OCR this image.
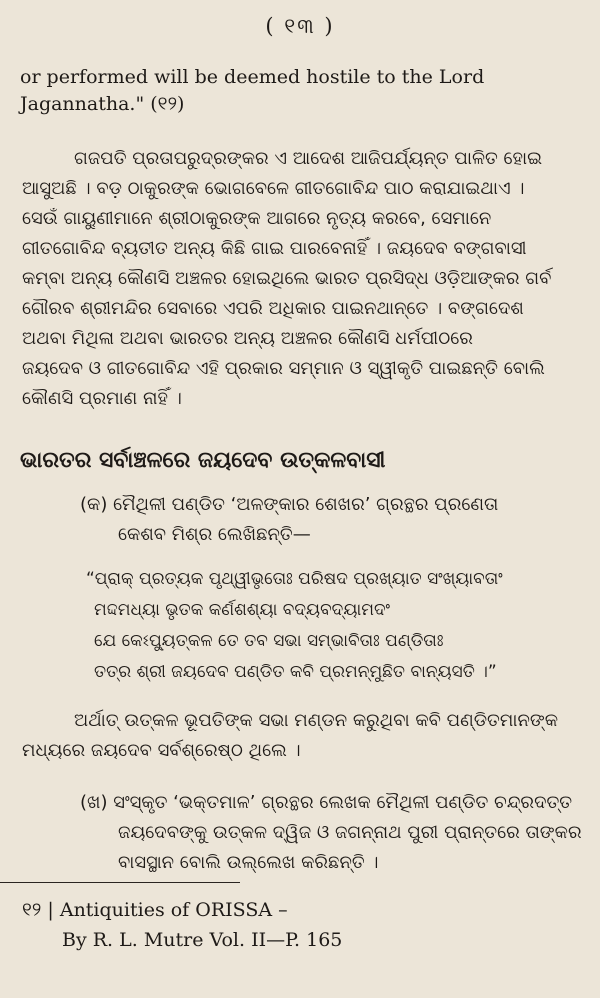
( ୧୩ )
or performed will be deemed hostile to the Lord
Jagannatha." (୧୨)
ଗଜପତି ପ୍ରତାପରୁଦ୍ରଙ୍କର ଏ ଆଦେଶ ଆଜିପର୍ଯ୍ୟନ୍ତ ପାଳିତ ହୋଇ
ଆସୁଅଛି । ବଡ଼ ଠାକୁରଙ୍କ ଭୋଗବେଳେ ଗୀତଗୋବିନ୍ଦ ପାଠ କରାଯାଇଥାଏ ।
ସେଉଁ ଗାୟୁଣୀମାନେ ଶ୍ରୀଠାକୁରଙ୍କ ଆଗରେ ନୃତ୍ୟ କରବେ, ସେମାନେ
ଗୀତଗୋବିନ୍ଦ ବ୍ୟତୀତ ଅନ୍ୟ କିଛି ଗାଇ ପାରବେନାହିଁ । ଜୟଦେବ ବଙ୍ଗବାସୀ
କମ୍ବା ଅନ୍ୟ କୌଣସି ଅଞ୍ଚଳର ହୋଇଥିଲେ ଭାରତ ପ୍ରସିଦ୍ଧ ଓଡ଼ିଆଙ୍କର ଗର୍ବ
ଗୌରବ ଶ୍ରୀମନ୍ଦିର ସେବାରେ ଏପରି ଅଧିକାର ପାଇନଥାନ୍ତେ । ବଙ୍ଗଦେଶ
ଅଥବା ମିଥିଳା ଅଥବା ଭାରତର ଅନ୍ୟ ଅଞ୍ଚଳର କୌଣସି ଧର୍ମପୀଠରେ
ଜୟଦେବ ଓ ଗୀତଗୋବିନ୍ଦ ଏହି ପ୍ରକାର ସମ୍ମାନ ଓ ସ୍ୱୀକୃତି ପାଇଛନ୍ତି ବୋଲି
କୌଣସି ପ୍ରମାଣ ନାହିଁ ।
ଭାରତର ସର୍ବାଞ୍ଚଳରେ ଜୟଦେବ ଉତ୍କଳବାସୀ
(କ) ମୈଥିଳୀ ପଣ୍ଡିତ ‘ଅଳଙ୍କାର ଶେଖର’ ଗ୍ରନ୍ଥର ପ୍ରଣେତା
କେଶବ ମିଶ୍ର ଲେଖିଛନ୍ତି—
“ପ୍ରାକ୍ ପ୍ରତ୍ୟକ ପୃଥ୍ୱୀଭୃତୋଃ ପରିଷଦ ପ୍ରଖ୍ୟାତ ସଂଖ୍ୟାବତାଂ
ମଦ୍ଦମଧ୍ୟା ଭୃତକ କର୍ଣଶଶ୍ୟା ବଦ୍ୟବଦ୍ୟାମଦଂ
ଯେ କେଽପ୍ୟୁତ୍କଳ ତେ ତବ ସଭା ସମ୍ଭାବିତାଃ ପଣ୍ଡିତାଃ
ତତ୍ର ଶ୍ରୀ ଜୟଦେବ ପଣ୍ଡିତ କବି ପ୍ରମନ୍ମୁଛିତ ବାନ୍ୟସତି ।”
ଅର୍ଥାତ୍ ଉତ୍କଳ ଭୂପତିଙ୍କ ସଭା ମଣ୍ଡନ କରୁଥିବା କବି ପଣ୍ଡିତମାନଙ୍କ
ମଧ୍ୟରେ ଜୟଦେବ ସର୍ବଶ୍ରେଷ୍ଠ ଥିଲେ ।
(ଖ) ସଂସ୍କୃତ ‘ଭକ୍ତମାଳ’ ଗ୍ରନ୍ଥର ଲେଖକ ମୈଥିଳୀ ପଣ୍ଡିତ ଚନ୍ଦ୍ରଦତ୍ତ
ଜୟଦେବଙ୍କୁ ଉତ୍କଳ ଦ୍ୱିଜ ଓ ଜଗନ୍ନାଥ ପୁରୀ ପ୍ରାନ୍ତରେ ତାଙ୍କର
ବାସସ୍ଥାନ ବୋଲି ଉଲ୍ଲେଖ କରିଛନ୍ତି ।
୧୨ | Antiquities of ORISSA –
By R. L. Mutre Vol. II—P. 165
